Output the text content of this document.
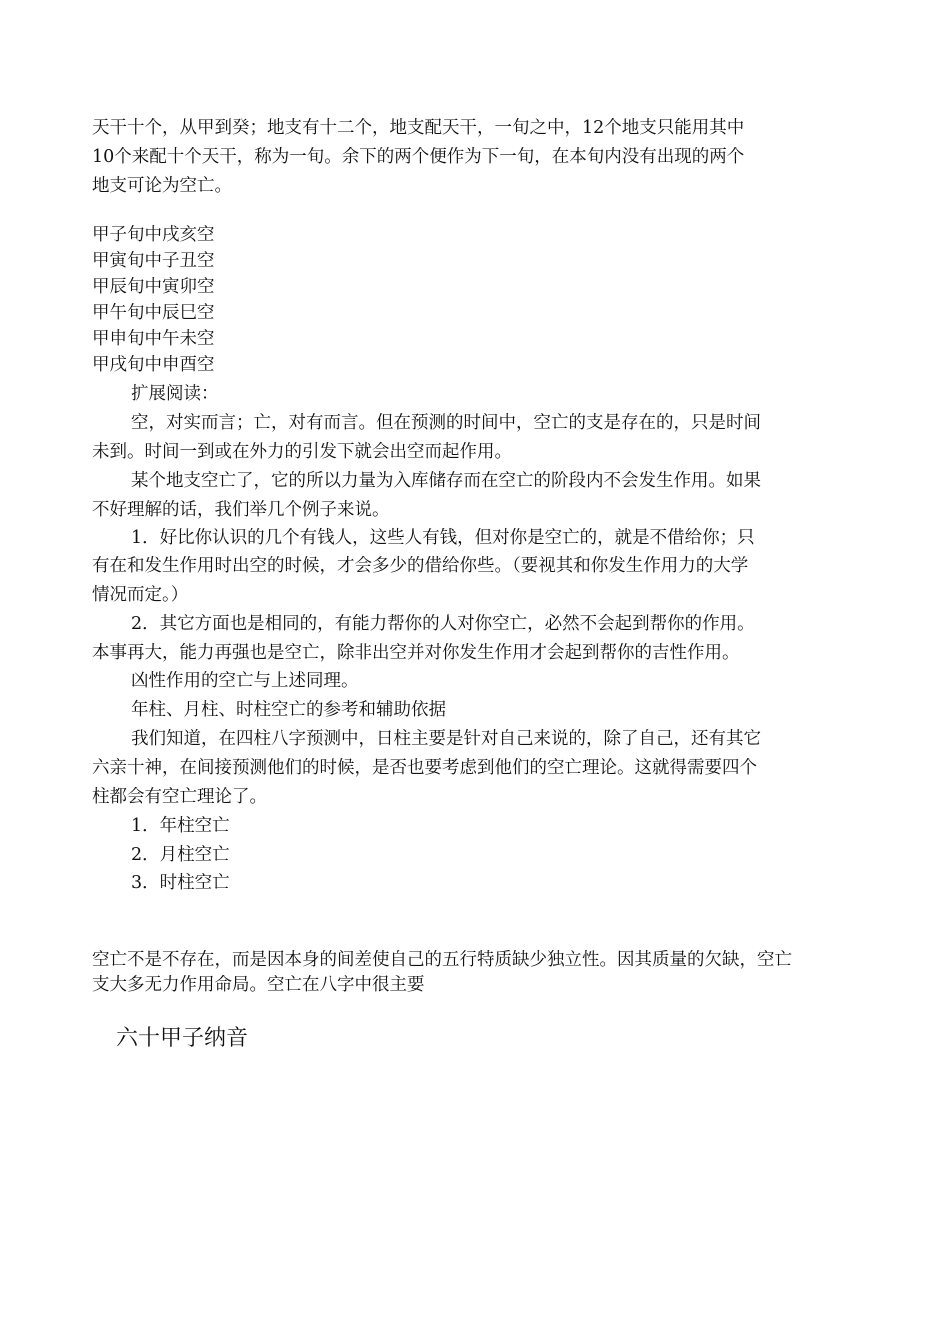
天干十个，从甲到癸；地支有十二个，地支配天干，一旬之中，12个地支只能用其中

10个来配十个天干，称为一旬。余下的两个便作为下一旬，在本旬内没有出现的两个

地支可论为空亡。

甲子旬中戌亥空

甲寅旬中子丑空

甲辰旬中寅卯空

甲午旬中辰巳空

甲申旬中午未空

甲戌旬中申酉空

扩展阅读：

空，对实而言；亡，对有而言。但在预测的时间中，空亡的支是存在的，只是时间

未到。时间一到或在外力的引发下就会出空而起作用。

某个地支空亡了，它的所以力量为入库储存而在空亡的阶段内不会发生作用。如果

不好理解的话，我们举几个例子来说。

1．好比你认识的几个有钱人，这些人有钱，但对你是空亡的，就是不借给你；只

有在和发生作用时出空的时候，才会多少的借给你些。（要视其和你发生作用力的大学

情况而定。）

2．其它方面也是相同的，有能力帮你的人对你空亡，必然不会起到帮你的作用。

本事再大，能力再强也是空亡，除非出空并对你发生作用才会起到帮你的吉性作用。

凶性作用的空亡与上述同理。

年柱、月柱、时柱空亡的参考和辅助依据

我们知道，在四柱八字预测中，日柱主要是针对自己来说的，除了自己，还有其它

六亲十神，在间接预测他们的时候，是否也要考虑到他们的空亡理论。这就得需要四个

柱都会有空亡理论了。

1．年柱空亡

2．月柱空亡

3．时柱空亡

空亡不是不存在，而是因本身的间差使自己的五行特质缺少独立性。因其质量的欠缺，空亡

支大多无力作用命局。空亡在八字中很主要

六十甲子纳音
